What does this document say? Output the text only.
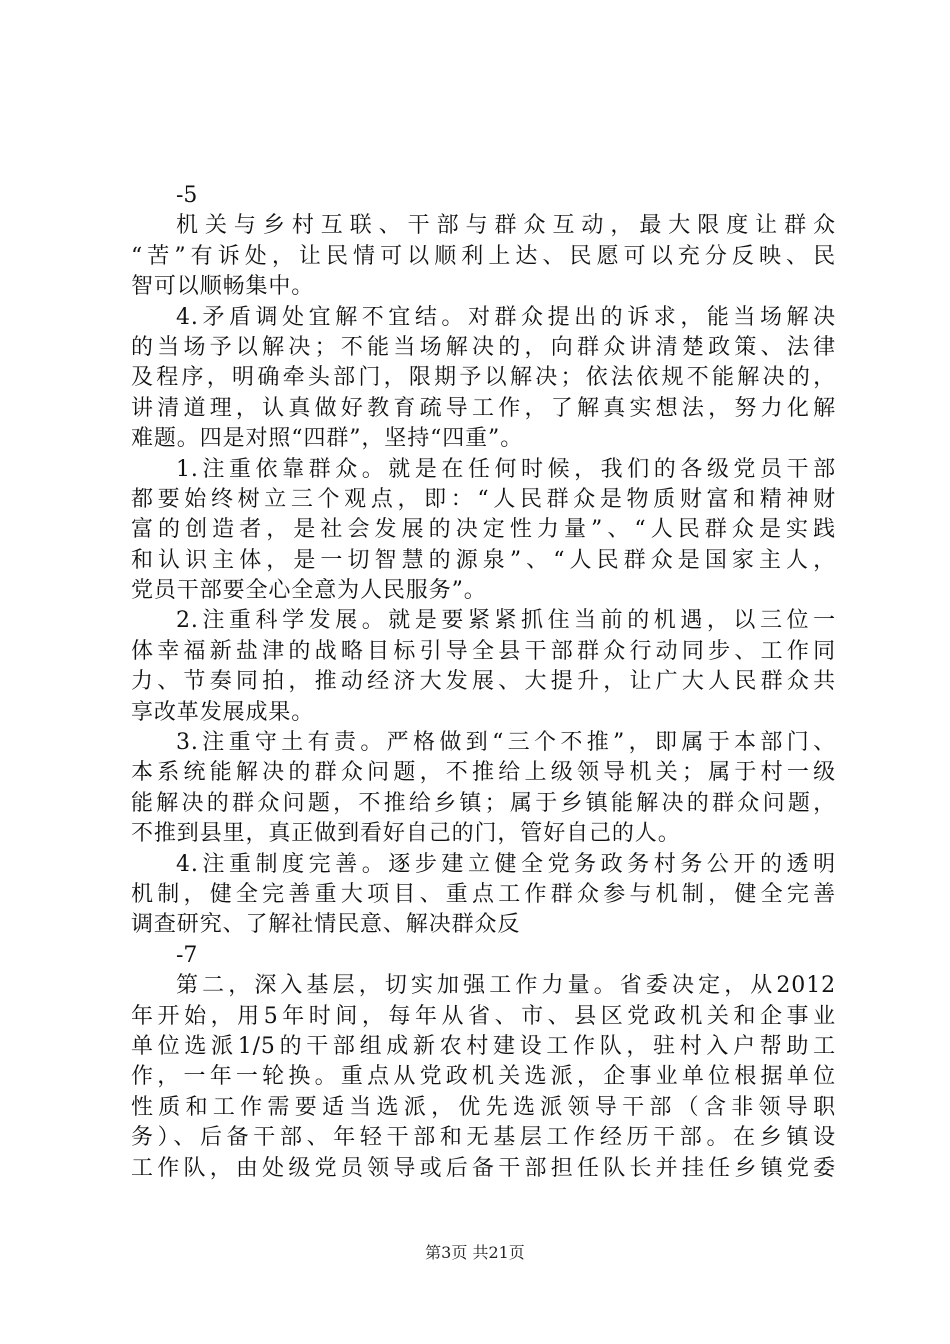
-5
机关与乡村互联、干部与群众互动，最大限度让群众
“苦”有诉处，让民情可以顺利上达、民愿可以充分反映、民
智可以顺畅集中。
4.矛盾调处宜解不宜结。对群众提出的诉求，能当场解决
的当场予以解决；不能当场解决的，向群众讲清楚政策、法律
及程序，明确牵头部门，限期予以解决；依法依规不能解决的，
讲清道理，认真做好教育疏导工作，了解真实想法，努力化解
难题。四是对照“四群”，坚持“四重”。
1.注重依靠群众。就是在任何时候，我们的各级党员干部
都要始终树立三个观点，即：“人民群众是物质财富和精神财
富的创造者，是社会发展的决定性力量”、“人民群众是实践
和认识主体，是一切智慧的源泉”、“人民群众是国家主人，
党员干部要全心全意为人民服务”。
2.注重科学发展。就是要紧紧抓住当前的机遇，以三位一
体幸福新盐津的战略目标引导全县干部群众行动同步、工作同
力、节奏同拍，推动经济大发展、大提升，让广大人民群众共
享改革发展成果。
3.注重守土有责。严格做到“三个不推”，即属于本部门、
本系统能解决的群众问题，不推给上级领导机关；属于村一级
能解决的群众问题，不推给乡镇；属于乡镇能解决的群众问题，
不推到县里，真正做到看好自己的门，管好自己的人。
4.注重制度完善。逐步建立健全党务政务村务公开的透明
机制，健全完善重大项目、重点工作群众参与机制，健全完善
调查研究、了解社情民意、解决群众反
-7
第二，深入基层，切实加强工作力量。省委决定，从2012
年开始，用5年时间，每年从省、市、县区党政机关和企事业
单位选派1/5的干部组成新农村建设工作队，驻村入户帮助工
作，一年一轮换。重点从党政机关选派，企事业单位根据单位
性质和工作需要适当选派，优先选派领导干部（含非领导职
务）、后备干部、年轻干部和无基层工作经历干部。在乡镇设
工作队，由处级党员领导或后备干部担任队长并挂任乡镇党委
第3页 共21页
